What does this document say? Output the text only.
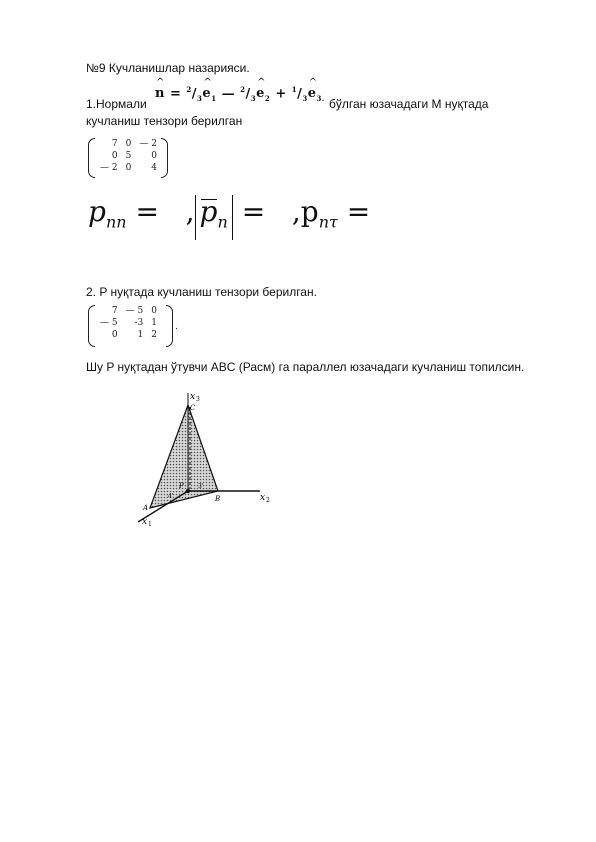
№9 Кучланишлар назарияси.
1.Нормали
^ $n = ^2/_3\^{}$ $e_1$ — $^2/_3\^{}$ $e_2$ + $^1/_3\^{}$ $e_{3.}$ бўлган юзачадаги М нуқтада
кучланиш тензори берилган
7	0	— 2
0	5	0
— 2	0	4
$p_{nn}$ = , $p_n = ,p_{n\tau}$ =
2. P нуқтада кучланиш тензори берилган.
7	— 5	0
— 5	-3	1
0	1	2
.
Шу P нуқтадан ўтувчи ABC (Расм) га параллел юзачадаги кучланиш топилсин.
x 3
C
x 2
B
A
x 1
P
4'
3'
